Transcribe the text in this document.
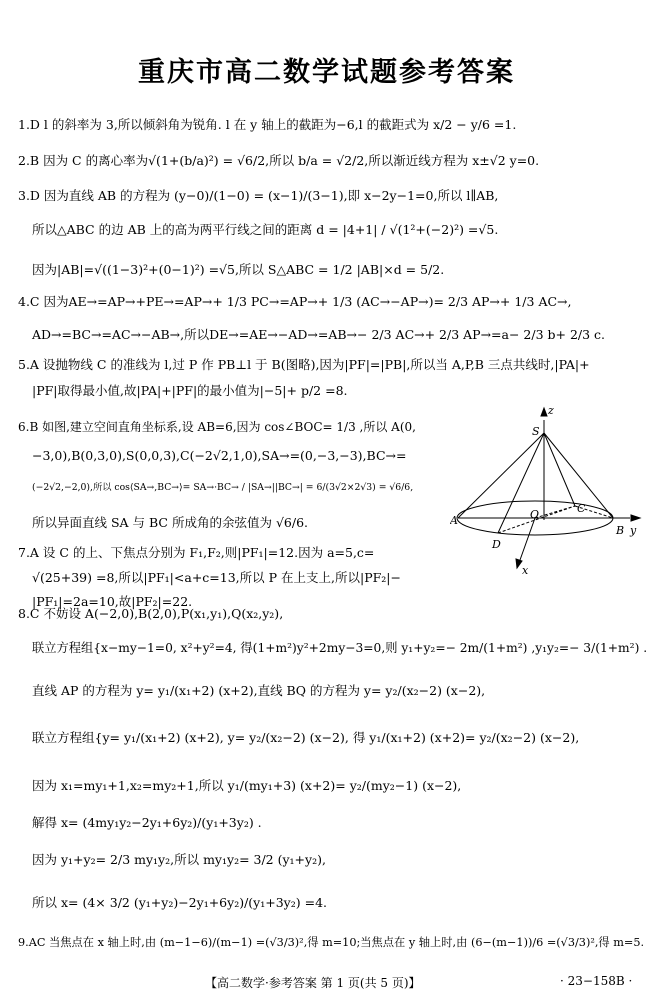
重庆市高二数学试题参考答案
1.D l 的斜率为 3,所以倾斜角为锐角. l 在 y 轴上的截距为−6,l 的截距式为 x/2 − y/6 =1.
2.B 因为 C 的离心率为√(1+(b/a)²) = √6/2,所以 b/a = √2/2,所以渐近线方程为 x±√2 y=0.
3.D 因为直线 AB 的方程为 (y−0)/(1−0) = (x−1)/(3−1),即 x−2y−1=0,所以 l∥AB,
所以△ABC 的边 AB 上的高为两平行线之间的距离 d = |4+1| / √(1²+(−2)²) =√5.
因为|AB|=√((1−3)²+(0−1)²) =√5,所以 S△ABC = 1/2 |AB|×d = 5/2.
4.C 因为AE→=AP→+PE→=AP→+ 1/3 PC→=AP→+ 1/3 (AC→−AP→)= 2/3 AP→+ 1/3 AC→,
AD→=BC→=AC→−AB→,所以DE→=AE→−AD→=AB→− 2/3 AC→+ 2/3 AP→=a− 2/3 b+ 2/3 c.
5.A 设抛物线 C 的准线为 l,过 P 作 PB⊥l 于 B(图略),因为|PF|=|PB|,所以当 A,P,B 三点共线时,|PA|+
|PF|取得最小值,故|PA|+|PF|的最小值为|−5|+ p/2 =8.
6.B 如图,建立空间直角坐标系,设 AB=6,因为 cos∠BOC= 1/3 ,所以 A(0,
−3,0),B(0,3,0),S(0,0,3),C(−2√2,1,0),SA→=(0,−3,−3),BC→=
(−2√2,−2,0),所以 cos⟨SA→,BC→⟩= SA→·BC→ / |SA→||BC→| = 6/(3√2×2√3) = √6/6,
所以异面直线 SA 与 BC 所成角的余弦值为 √6/6.
z
S
C
A	O
B y
D
x
7.A 设 C 的上、下焦点分别为 F₁,F₂,则|PF₁|=12.因为 a=5,c=
√(25+39) =8,所以|PF₁|<a+c=13,所以 P 在上支上,所以|PF₂|−
|PF₁|=2a=10,故|PF₂|=22.
8.C 不妨设 A(−2,0),B(2,0),P(x₁,y₁),Q(x₂,y₂),
联立方程组{x−my−1=0, x²+y²=4, 得(1+m²)y²+2my−3=0,则 y₁+y₂=− 2m/(1+m²) ,y₁y₂=− 3/(1+m²) .
直线 AP 的方程为 y= y₁/(x₁+2) (x+2),直线 BQ 的方程为 y= y₂/(x₂−2) (x−2),
联立方程组{y= y₁/(x₁+2) (x+2), y= y₂/(x₂−2) (x−2), 得 y₁/(x₁+2) (x+2)= y₂/(x₂−2) (x−2),
因为 x₁=my₁+1,x₂=my₂+1,所以 y₁/(my₁+3) (x+2)= y₂/(my₂−1) (x−2),
解得 x= (4my₁y₂−2y₁+6y₂)/(y₁+3y₂) .
因为 y₁+y₂= 2/3 my₁y₂,所以 my₁y₂= 3/2 (y₁+y₂),
所以 x= (4× 3/2 (y₁+y₂)−2y₁+6y₂)/(y₁+3y₂) =4.
9.AC 当焦点在 x 轴上时,由 (m−1−6)/(m−1) =(√3/3)²,得 m=10;当焦点在 y 轴上时,由 (6−(m−1))/6 =(√3/3)²,得 m=5.
【高二数学·参考答案 第 1 页(共 5 页)】	· 23−158B ·
